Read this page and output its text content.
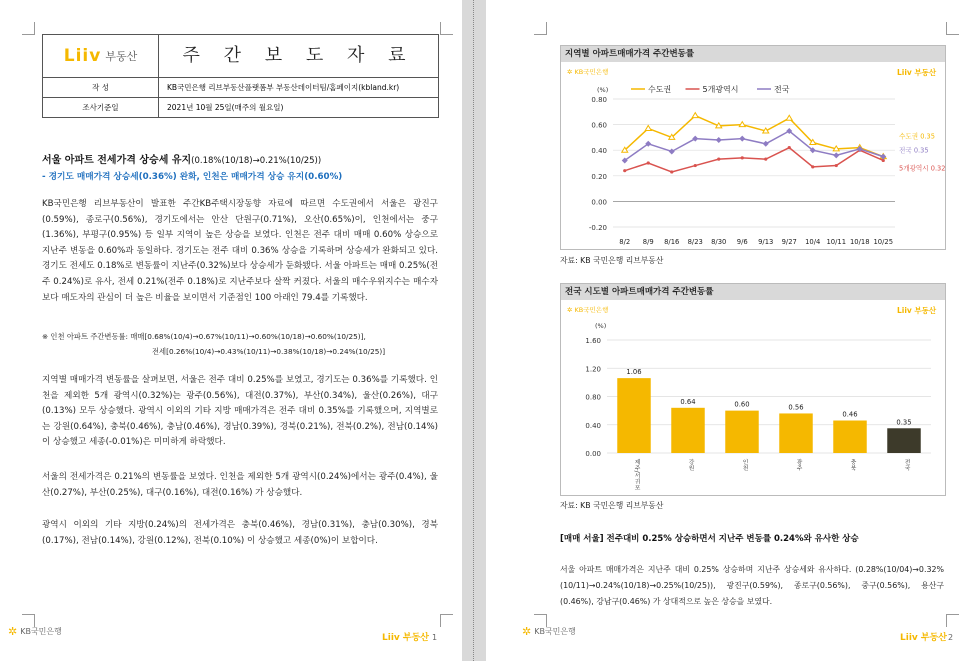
Liiv 부동산	주 간 보 도 자 료
작 성	KB국민은행 리브부동산플랫폼부 부동산데이터팀/홈페이지(kbland.kr)
조사기준일	2021년 10월 25일(매주의 월요일)
서울 아파트 전세가격 상승세 유지(0.18%(10/18)→0.21%(10/25))
- 경기도 매매가격 상승세(0.36%) 완화, 인천은 매매가격 상승 유지(0.60%)
KB국민은행 리브부동산이 발표한 주간KB주택시장동향 자료에 따르면 수도권에서 서울은 광진구(0.59%), 종로구(0.56%), 경기도에서는 안산 단원구(0.71%), 오산(0.65%)이, 인천에서는 중구(1.36%), 부평구(0.95%) 등 일부 지역이 높은 상승을 보였다. 인천은 전주 대비 매매 0.60% 상승으로 지난주 변동을 0.60%과 동일하다. 경기도는 전주 대비 0.36% 상승을 기록하며 상승세가 완화되고 있다. 경기도 전세도 0.18%로 변동률이 지난주(0.32%)보다 상승세가 둔화됐다. 서울 아파트는 매매 0.25%(전주 0.24%)로 유사, 전세 0.21%(전주 0.18%)로 지난주보다 살짝 커졌다. 서울의 매수우위지수는 매수자보다 매도자의 관심이 더 높은 비율을 보이면서 기준점인 100 아래인 79.4를 기록했다.
※ 인천 아파트 주간변동률: 매매[0.68%(10/4)→0.67%(10/11)→0.60%(10/18)→0.60%(10/25)],
전세[0.26%(10/4)→0.43%(10/11)→0.38%(10/18)→0.24%(10/25)]
지역별 매매가격 변동률을 살펴보면, 서울은 전주 대비 0.25%를 보였고, 경기도는 0.36%를 기록했다. 인천을 제외한 5개 광역시(0.32%)는 광주(0.56%), 대전(0.37%), 부산(0.34%), 울산(0.26%), 대구(0.13%) 모두 상승했다. 광역시 이외의 기타 지방 매매가격은 전주 대비 0.35%를 기록했으며, 지역별로는 강원(0.64%), 충북(0.46%), 충남(0.46%), 경남(0.39%), 경북(0.21%), 전북(0.2%), 전남(0.14%) 이 상승했고 세종(-0.01%)은 미미하게 하락했다.
서울의 전세가격은 0.21%의 변동률을 보였다. 인천을 제외한 5개 광역시(0.24%)에서는 광주(0.4%), 울산(0.27%), 부산(0.25%), 대구(0.16%), 대전(0.16%) 가 상승했다.
광역시 이외의 기타 지방(0.24%)의 전세가격은 충북(0.46%), 경남(0.31%), 충남(0.30%), 경북(0.17%), 전남(0.14%), 강원(0.12%), 전북(0.10%) 이 상승했고 세종(0%)이 보합이다.
✲ KB국민은행
Liiv 부동산 1	✲ KB국민은행
Liiv 부동산 2
지역별 아파트매매가격 주간변동률
✲ KB국민은행	Liiv 부동산
(%)	수도권	5개광역시	전국
0.80
0.60
0.40
0.20
0.00
-0.20
8/2 8/9 8/16 8/23 8/30 9/6 9/13 9/27 10/4 10/11 10/18 10/25
수도권 0.35
전국 0.35
5개광역시 0.32
자료: KB 국민은행 리브부동산
전국 시도별 아파트매매가격 주간변동률
✲ KB국민은행	Liiv 부동산
(%)
1.60
1.20
0.80
0.40
0.00
1.06
제주/서귀포
0.64
강원
0.60
인천
0.56
광주
0.46
충북
0.35
전국
자료: KB 국민은행 리브부동산
[매매 서울] 전주대비 0.25% 상승하면서 지난주 변동률 0.24%와 유사한 상승
서울 아파트 매매가격은 지난주 대비 0.25% 상승하며 지난주 상승세와 유사하다. (0.28%(10/04)→0.32%(10/11)→0.24%(10/18)→0.25%(10/25)), 광진구(0.59%), 종로구(0.56%), 중구(0.56%), 용산구(0.46%), 강남구(0.46%) 가 상대적으로 높은 상승을 보였다.
